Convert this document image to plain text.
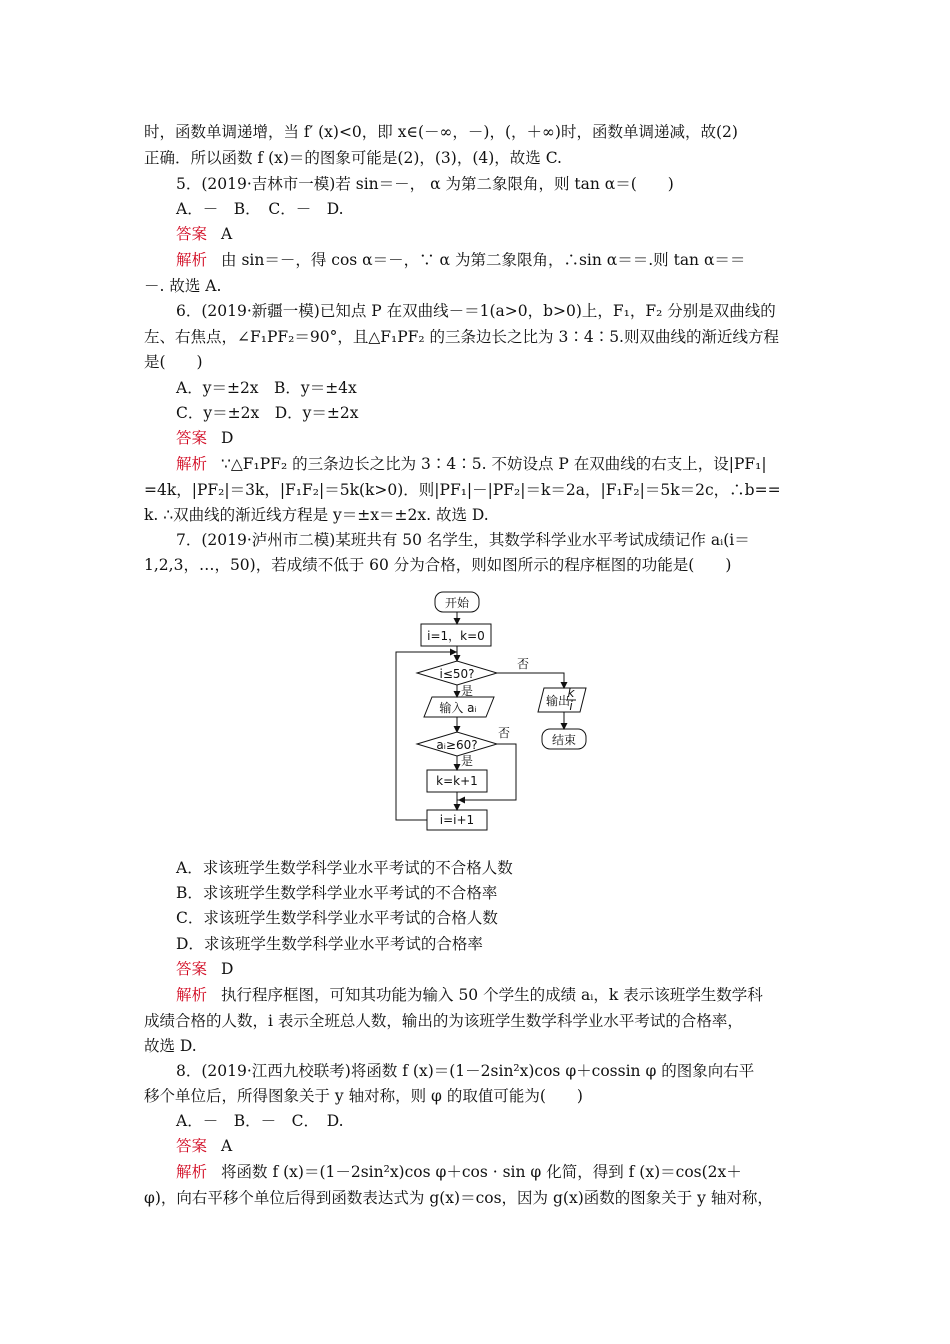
时，函数单调递增，当 f′ (x)<0，即 x∈(－∞，－)，(，＋∞)时，函数单调递减，故(2)
正确．所以函数 f (x)＝的图象可能是(2)，(3)，(4)，故选 C.
5．(2019·吉林市一模)若 sin＝－， α 为第二象限角，则 tan α＝(　　)
A．－　B．　C．－　D.
答案 A
解析 由 sin＝－，得 cos α＝－，∵ α 为第二象限角，∴sin α＝＝.则 tan α＝＝
－. 故选 A.
6．(2019·新疆一模)已知点 P 在双曲线－＝1(a>0，b>0)上，F₁，F₂ 分别是双曲线的
左、右焦点，∠F₁PF₂＝90°，且△F₁PF₂ 的三条边长之比为 3∶4∶5.则双曲线的渐近线方程
是(　　)
A．y＝±2x　B．y＝±4x
C．y＝±2x　D．y＝±2x
答案 D
解析 ∵△F₁PF₂ 的三条边长之比为 3∶4∶5. 不妨设点 P 在双曲线的右支上，设|PF₁|
=4k，|PF₂|＝3k，|F₁F₂|＝5k(k>0)．则|PF₁|－|PF₂|＝k＝2a，|F₁F₂|＝5k＝2c，∴b==
k. ∴双曲线的渐近线方程是 y＝±x＝±2x. 故选 D.
7．(2019·泸州市二模)某班共有 50 名学生，其数学科学业水平考试成绩记作 aᵢ(i＝
1,2,3，…，50)，若成绩不低于 60 分为合格，则如图所示的程序框图的功能是(　　)
开始
i=1，k=0
i≤50?
否
是
输入 aᵢ
aᵢ≥60?
否
是
k=k+1
i=i+1
输出
k
i
结束
A．求该班学生数学科学业水平考试的不合格人数
B．求该班学生数学科学业水平考试的不合格率
C．求该班学生数学科学业水平考试的合格人数
D．求该班学生数学科学业水平考试的合格率
答案 D
解析 执行程序框图，可知其功能为输入 50 个学生的成绩 aᵢ，k 表示该班学生数学科
成绩合格的人数，i 表示全班总人数，输出的为该班学生数学科学业水平考试的合格率，
故选 D.
8．(2019·江西九校联考)将函数 f (x)＝(1－2sin²x)cos φ＋cossin φ 的图象向右平
移个单位后，所得图象关于 y 轴对称，则 φ 的取值可能为(　　)
A．－　B．－　C．　D.
答案 A
解析 将函数 f (x)＝(1－2sin²x)cos φ＋cos · sin φ 化简，得到 f (x)＝cos(2x＋
φ)，向右平移个单位后得到函数表达式为 g(x)＝cos，因为 g(x)函数的图象关于 y 轴对称，
